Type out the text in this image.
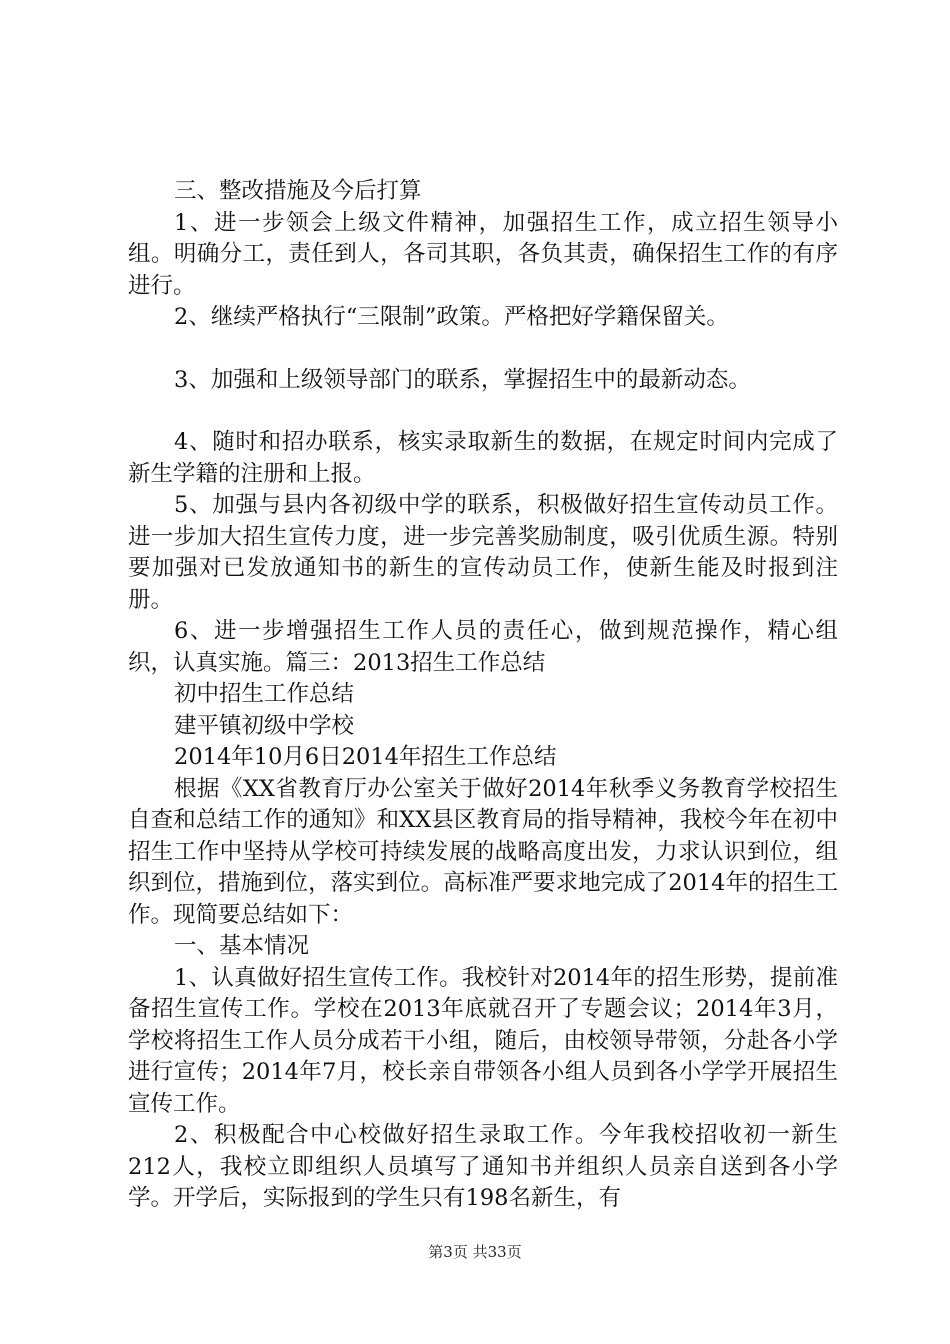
三、整改措施及今后打算

1、进一步领会上级文件精神，加强招生工作，成立招生领导小组。明确分工，责任到人，各司其职，各负其责，确保招生工作的有序进行。

2、继续严格执行“三限制”政策。严格把好学籍保留关。

3、加强和上级领导部门的联系，掌握招生中的最新动态。

4、随时和招办联系，核实录取新生的数据，在规定时间内完成了新生学籍的注册和上报。

5、加强与县内各初级中学的联系，积极做好招生宣传动员工作。进一步加大招生宣传力度，进一步完善奖励制度，吸引优质生源。特别要加强对已发放通知书的新生的宣传动员工作，使新生能及时报到注册。

6、进一步增强招生工作人员的责任心，做到规范操作，精心组织，认真实施。篇三：2013招生工作总结

初中招生工作总结

建平镇初级中学校

2014年10月6日2014年招生工作总结

根据《XX省教育厅办公室关于做好2014年秋季义务教育学校招生自查和总结工作的通知》和XX县区教育局的指导精神，我校今年在初中招生工作中坚持从学校可持续发展的战略高度出发，力求认识到位，组织到位，措施到位，落实到位。高标准严要求地完成了2014年的招生工作。现简要总结如下：

一、基本情况

1、认真做好招生宣传工作。我校针对2014年的招生形势，提前准备招生宣传工作。学校在2013年底就召开了专题会议；2014年3月，学校将招生工作人员分成若干小组，随后，由校领导带领，分赴各小学进行宣传；2014年7月，校长亲自带领各小组人员到各小学学开展招生宣传工作。

2、积极配合中心校做好招生录取工作。今年我校招收初一新生212人，我校立即组织人员填写了通知书并组织人员亲自送到各小学学。开学后，实际报到的学生只有198名新生，有

第3页 共33页
